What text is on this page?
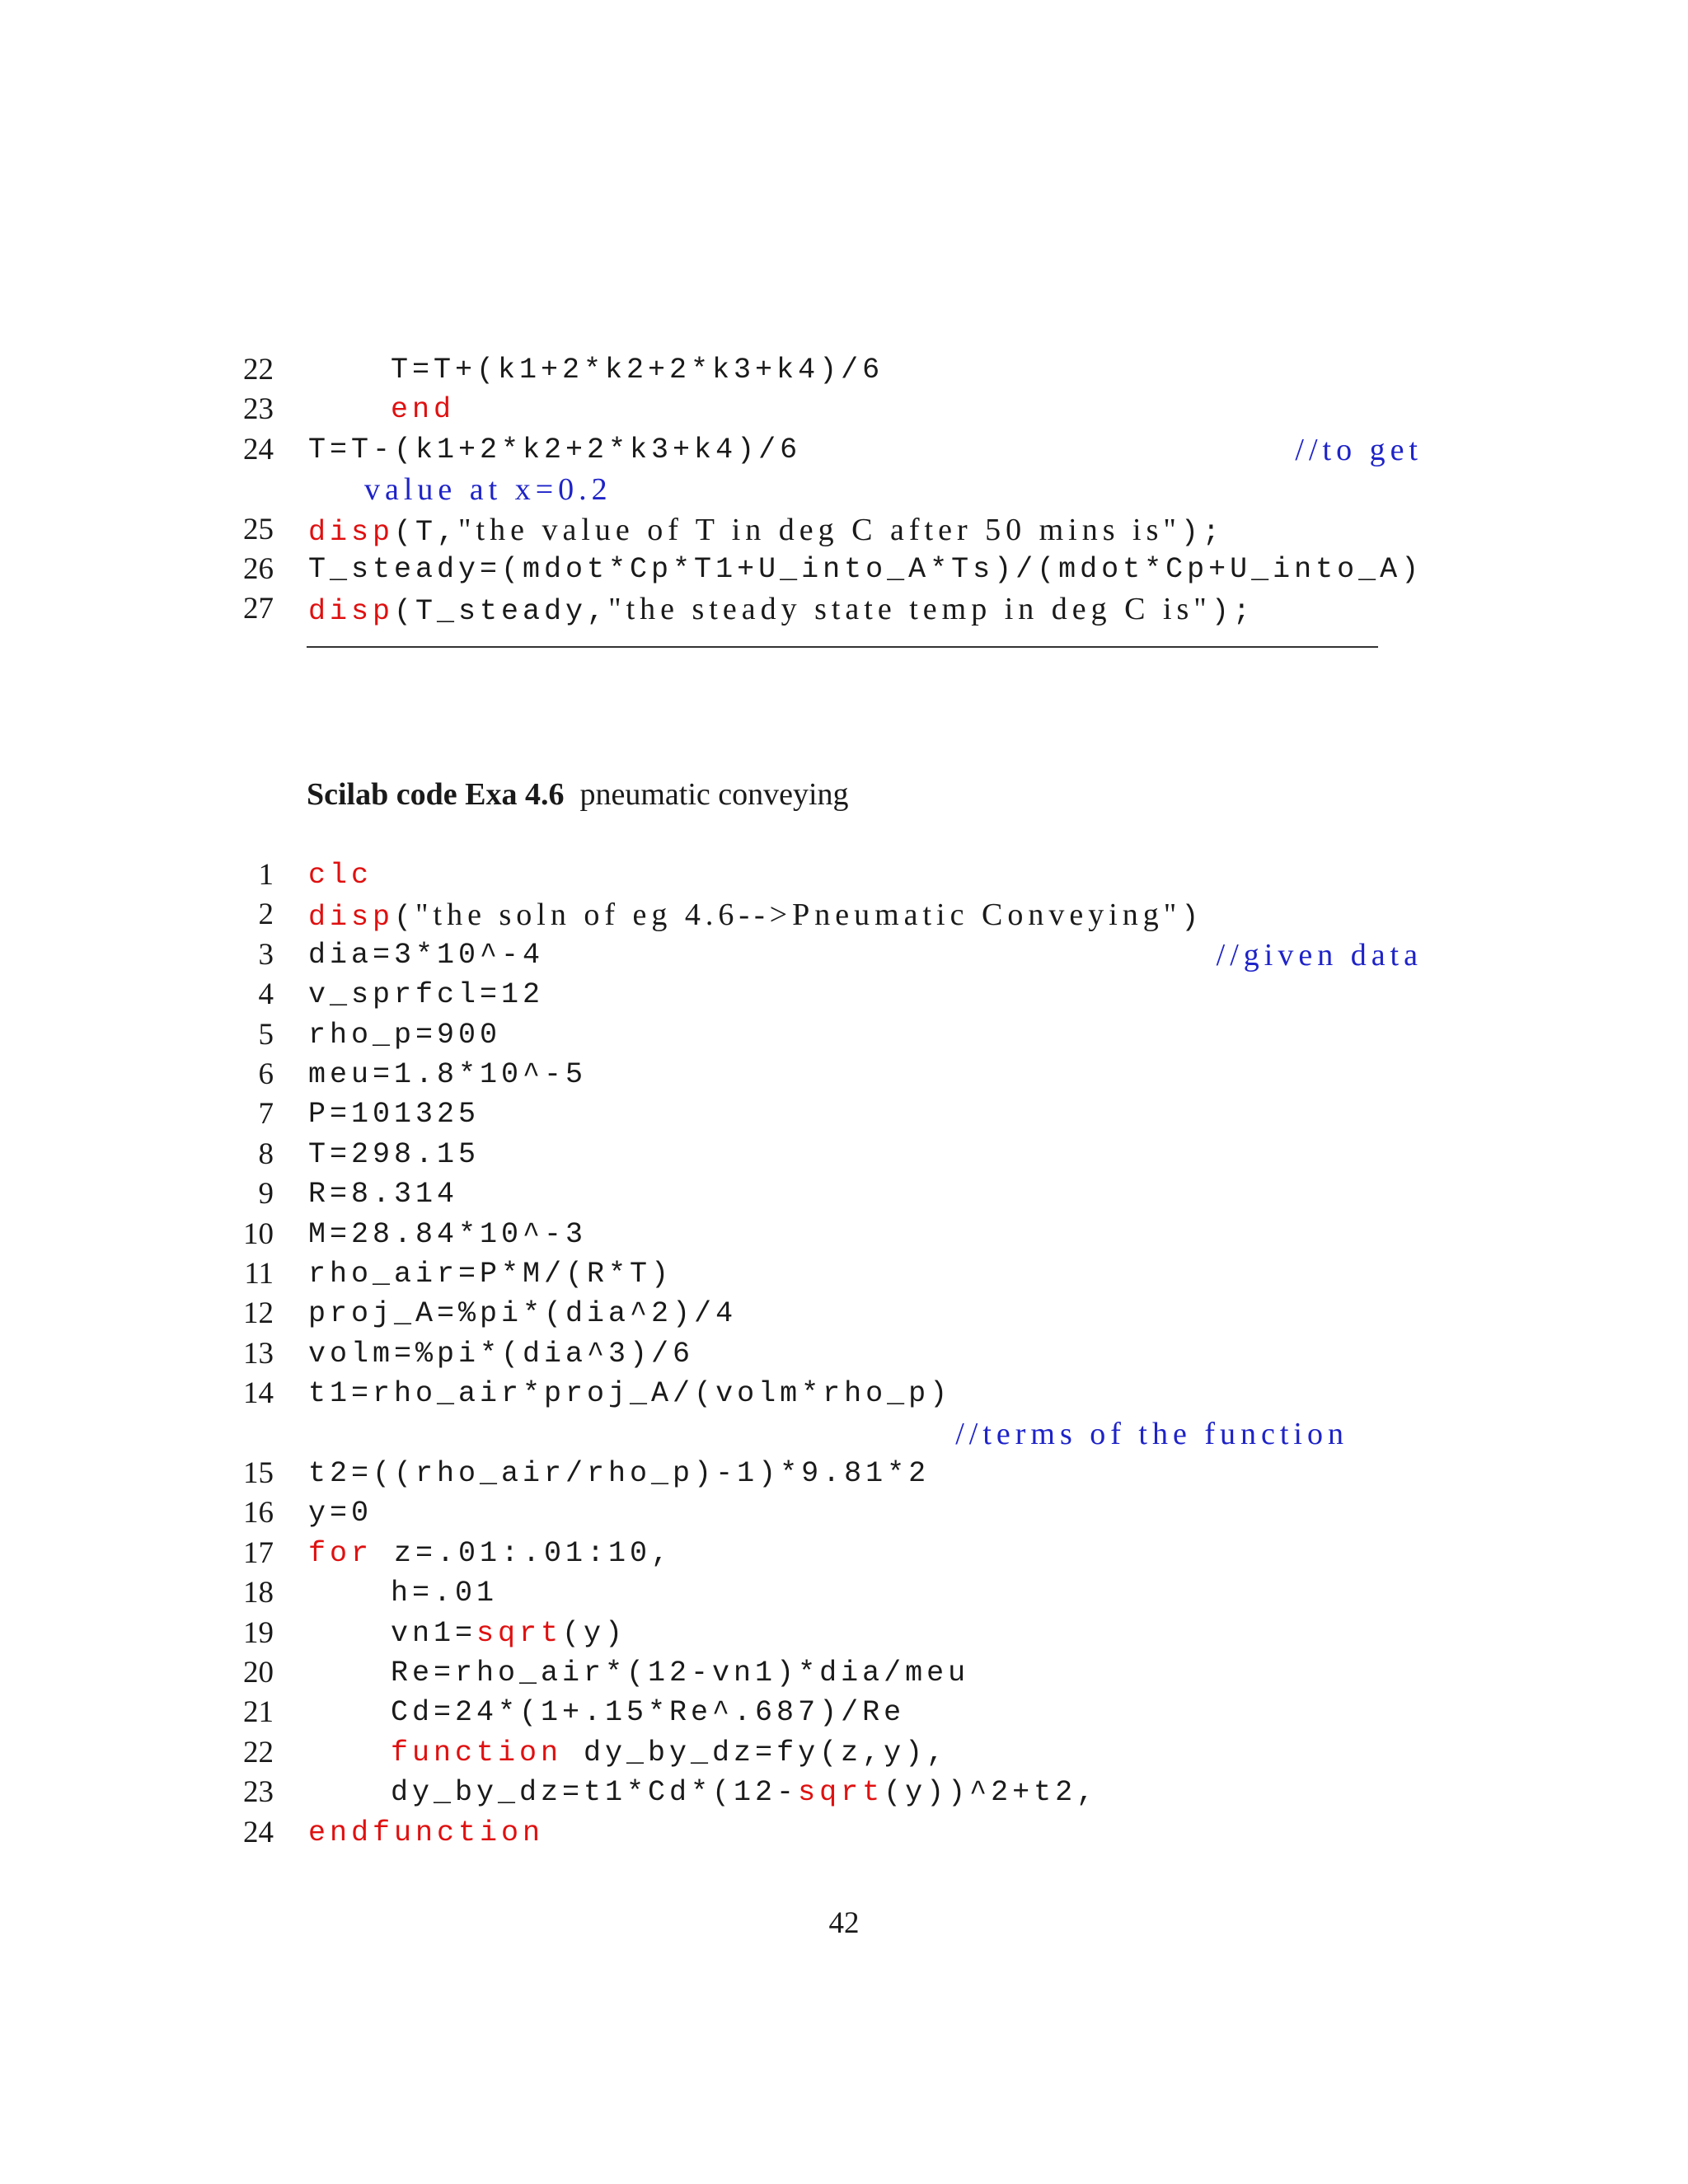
22	T=T+(k1+2*k2+2*k3+k4)/6
23	end
24 T=T-(k1+2*k2+2*k3+k4)/6	//to get
value at x=0.2
25 disp(T,"the value of T in deg C after 50 mins is");
26 T_steady=(mdot*Cp*T1+U_into_A*Ts)/(mdot*Cp+U_into_A)
27 disp(T_steady,"the steady state temp in deg C is");
Scilab code Exa 4.6 pneumatic conveying
1 clc
2 disp("the soln of eg 4.6-->Pneumatic Conveying")
3 dia=3*10^-4	//given data
4 v_sprfcl=12
5 rho_p=900
6 meu=1.8*10^-5
7 P=101325
8 T=298.15
9 R=8.314
10 M=28.84*10^-3
11 rho_air=P*M/(R*T)
12 proj_A=%pi*(dia^2)/4
13 volm=%pi*(dia^3)/6
14 t1=rho_air*proj_A/(volm*rho_p)
//terms of the function
15 t2=((rho_air/rho_p)-1)*9.81*2
16 y=0
17 for z=.01:.01:10,
18	h=.01
19	vn1=sqrt(y)
20	Re=rho_air*(12-vn1)*dia/meu
21	Cd=24*(1+.15*Re^.687)/Re
22	function dy_by_dz=fy(z,y),
23	dy_by_dz=t1*Cd*(12-sqrt(y))^2+t2,
24 endfunction
42
